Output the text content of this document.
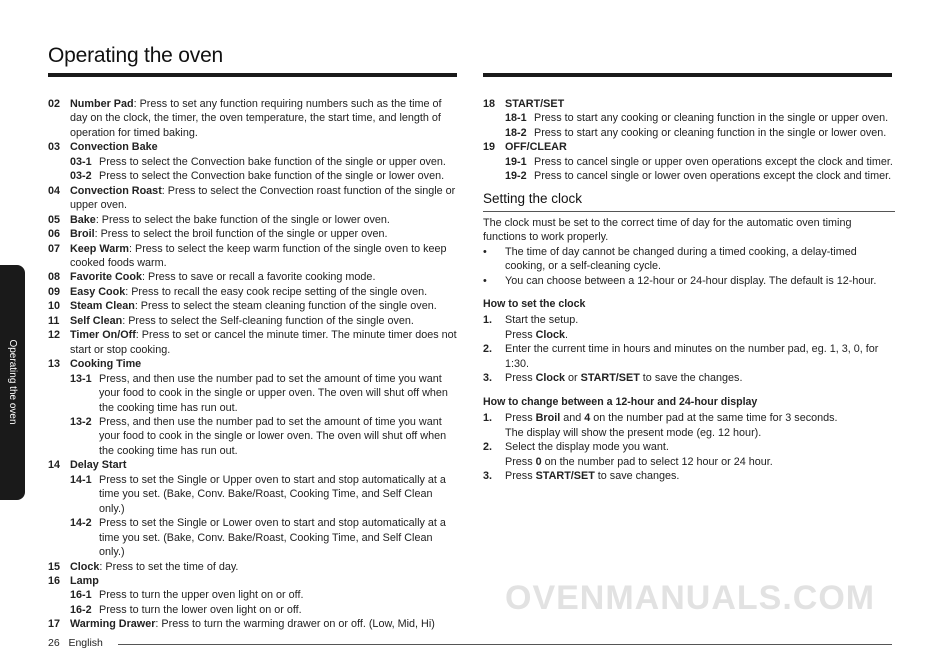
Operating the oven
02 Number Pad: Press to set any function requiring numbers such as the time of day on the clock, the timer, the oven temperature, the start time, and length of operation for timed baking.
03 Convection Bake
03-1 Press to select the Convection bake function of the single or upper oven.
03-2 Press to select the Convection bake function of the single or lower oven.
04 Convection Roast: Press to select the Convection roast function of the single or upper oven.
05 Bake: Press to select the bake function of the single or lower oven.
06 Broil: Press to select the broil function of the single or upper oven.
07 Keep Warm: Press to select the keep warm function of the single oven to keep cooked foods warm.
08 Favorite Cook: Press to save or recall a favorite cooking mode.
09 Easy Cook: Press to recall the easy cook recipe setting of the single oven.
10 Steam Clean: Press to select the steam cleaning function of the single oven.
11 Self Clean: Press to select the Self-cleaning function of the single oven.
12 Timer On/Off: Press to set or cancel the minute timer. The minute timer does not start or stop cooking.
13 Cooking Time
13-1 Press, and then use the number pad to set the amount of time you want your food to cook in the single or upper oven. The oven will shut off when the cooking time has run out.
13-2 Press, and then use the number pad to set the amount of time you want your food to cook in the single or lower oven. The oven will shut off when the cooking time has run out.
14 Delay Start
14-1 Press to set the Single or Upper oven to start and stop automatically at a time you set. (Bake, Conv. Bake/Roast, Cooking Time, and Self Clean only.)
14-2 Press to set the Single or Lower oven to start and stop automatically at a time you set. (Bake, Conv. Bake/Roast, Cooking Time, and Self Clean only.)
15 Clock: Press to set the time of day.
16 Lamp
16-1 Press to turn the upper oven light on or off.
16-2 Press to turn the lower oven light on or off.
17 Warming Drawer: Press to turn the warming drawer on or off. (Low, Mid, Hi)
18 START/SET
18-1 Press to start any cooking or cleaning function in the single or upper oven.
18-2 Press to start any cooking or cleaning function in the single or lower oven.
19 OFF/CLEAR
19-1 Press to cancel single or upper oven operations except the clock and timer.
19-2 Press to cancel single or lower oven operations except the clock and timer.
Setting the clock
The clock must be set to the correct time of day for the automatic oven timing functions to work properly.
• The time of day cannot be changed during a timed cooking, a delay-timed cooking, or a self-cleaning cycle.
• You can choose between a 12-hour or 24-hour display. The default is 12-hour.
How to set the clock
1. Start the setup.
Press Clock.
2. Enter the current time in hours and minutes on the number pad, eg. 1, 3, 0, for 1:30.
3. Press Clock or START/SET to save the changes.
How to change between a 12-hour and 24-hour display
1. Press Broil and 4 on the number pad at the same time for 3 seconds.
The display will show the present mode (eg. 12 hour).
2. Select the display mode you want.
Press 0 on the number pad to select 12 hour or 24 hour.
3. Press START/SET to save changes.
Operating the oven
26 English
OVENMANUALS.COM
